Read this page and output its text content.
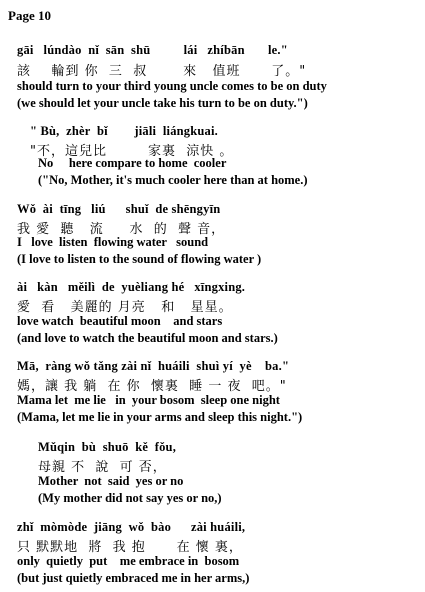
Page 10
gāi   lúndào  nǐ  sān  shū          lái   zhíbān       le."
該    輪到 你  三  叔       來   值班      了。"
should turn to your third young uncle comes to be on duty
(we should let your uncle take his turn to be on duty.")
" Bù,  zhèr  bǐ        jiāli  liángkuai.
"不，這兒比        家裏  涼快 。
No     here compare to home  cooler
("No, Mother, it's much cooler here than at home.)
Wǒ  ài  tīng   liú      shuǐ  de shēngyīn
我 愛  聽   流     水  的  聲 音，
I   love  listen  flowing water   sound
(I love to listen to the sound of flowing water )
ài   kàn   měilì  de  yuèliang hé   xīngxing.
愛  看   美麗的 月亮   和   星星。
love watch  beautiful moon    and stars
(and love to watch the beautiful moon and stars.)
Mā,  ràng wǒ tǎng zài nǐ  huáili  shuì yí  yè    ba."
媽，讓 我 躺  在 你  懷裏  睡 一 夜  吧。"
Mama let  me lie   in  your bosom  sleep one night
(Mama, let me lie in your arms and sleep this night.")
Mǔqin  bù  shuō  kě  fǒu,
母親 不  說  可 否，
Mother  not  said  yes or no
(My mother did not say yes or no,)
zhǐ  mòmòde  jiāng  wǒ  bào      zài huáili,
只 默默地  將  我 抱      在 懷 裏，
only  quietly  put    me embrace in  bosom
(but just quietly embraced me in her arms,)
